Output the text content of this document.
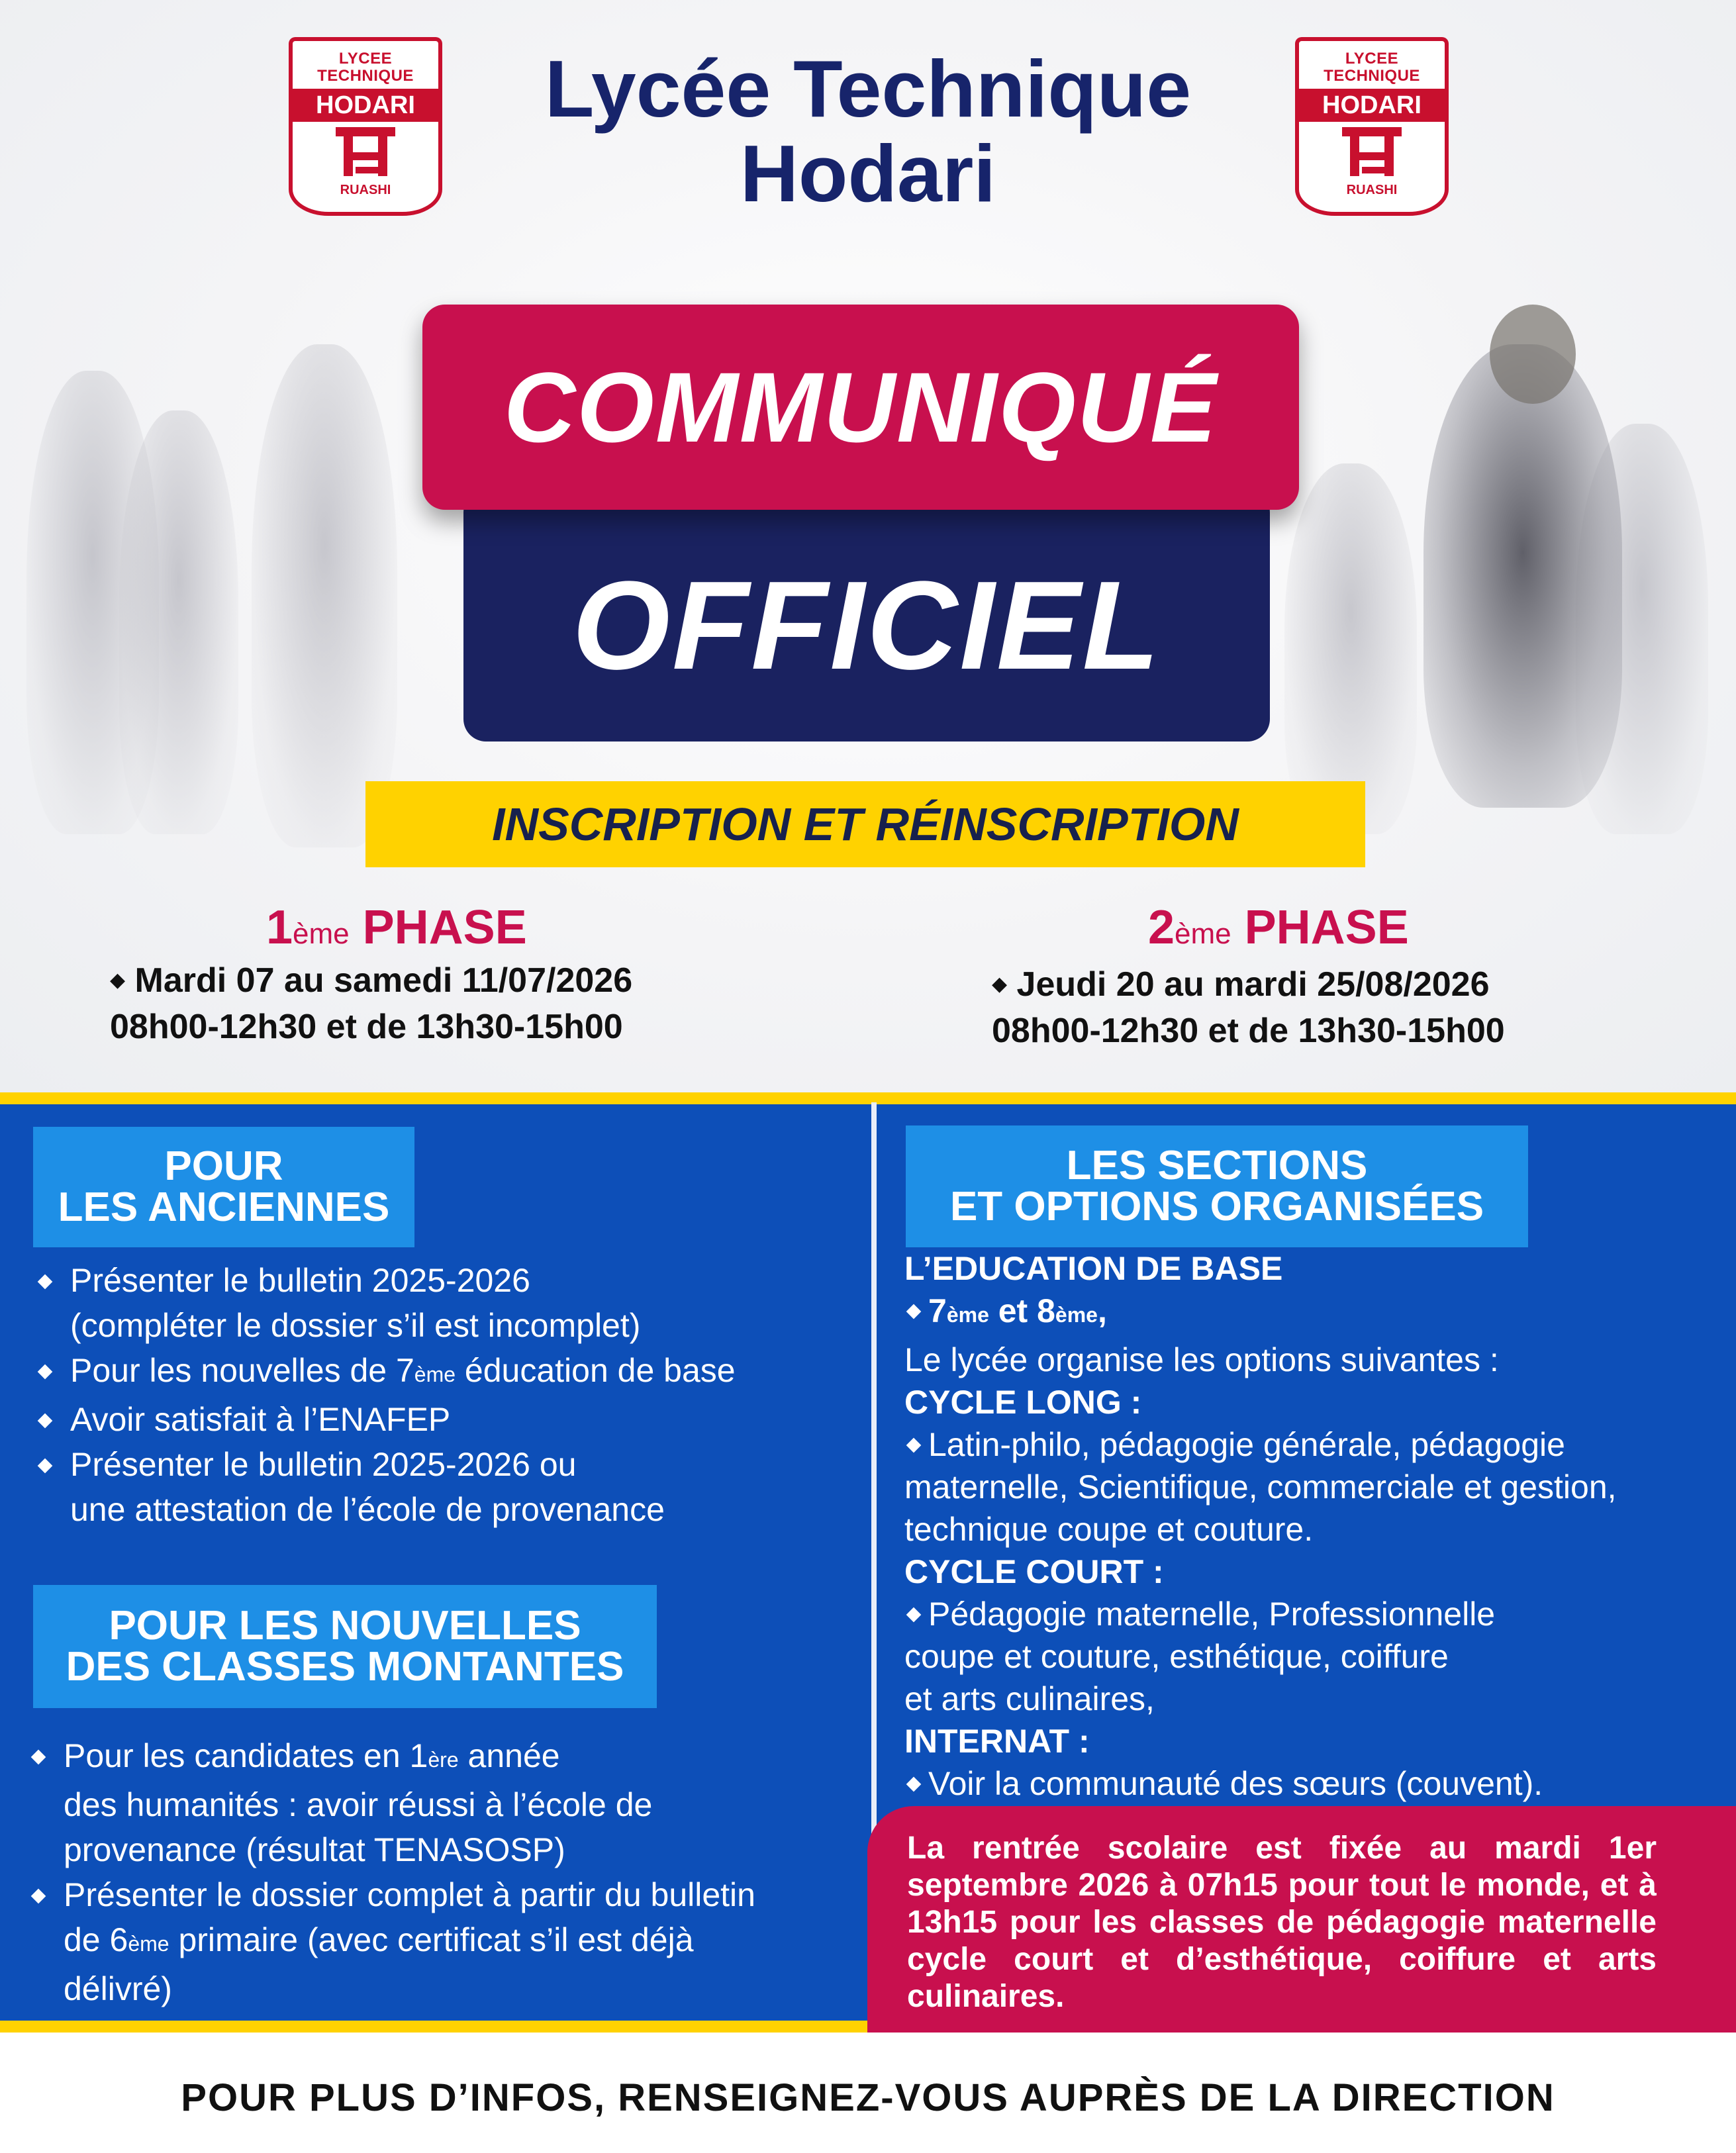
LYCEE
TECHNIQUE
HODARI
RUASHI
LYCEE
TECHNIQUE
HODARI
RUASHI
Lycée Technique
Hodari
COMMUNIQUÉ
OFFICIEL
INSCRIPTION ET RÉINSCRIPTION
1ème PHASE
◆ Mardi 07 au samedi 11/07/2026
08h00-12h30 et de 13h30-15h00
2ème PHASE
◆ Jeudi 20 au mardi 25/08/2026
08h00-12h30 et de 13h30-15h00
POUR
LES ANCIENNES
Présenter le bulletin 2025-2026
(compléter le dossier s’il est incomplet)
Pour les nouvelles de 7ème éducation de base
Avoir satisfait à l’ENAFEP
Présenter le bulletin 2025-2026 ou
une attestation de l’école de provenance
POUR LES NOUVELLES
DES CLASSES MONTANTES
Pour les candidates en 1ère année
des humanités : avoir réussi à l’école de
provenance (résultat TENASOSP)
Présenter le dossier complet à partir du bulletin
de 6ème primaire (avec certificat s’il est déjà
délivré)
LES SECTIONS
ET OPTIONS ORGANISÉES
L’EDUCATION DE BASE
7ème et 8ème,
Le lycée organise les options suivantes :
CYCLE LONG :
Latin-philo, pédagogie générale, pédagogie
maternelle, Scientifique, commerciale et gestion,
technique coupe et couture.
CYCLE COURT :
Pédagogie maternelle, Professionnelle
coupe et couture, esthétique, coiffure
et arts culinaires,
INTERNAT :
Voir la communauté des sœurs (couvent).
La rentrée scolaire est fixée au mardi 1er septembre 2026 à 07h15 pour tout le monde, et à 13h15 pour les classes de pédagogie maternelle cycle court et d’esthétique, coiffure et arts culinaires.
POUR PLUS D’INFOS, RENSEIGNEZ-VOUS AUPRÈS DE LA DIRECTION
